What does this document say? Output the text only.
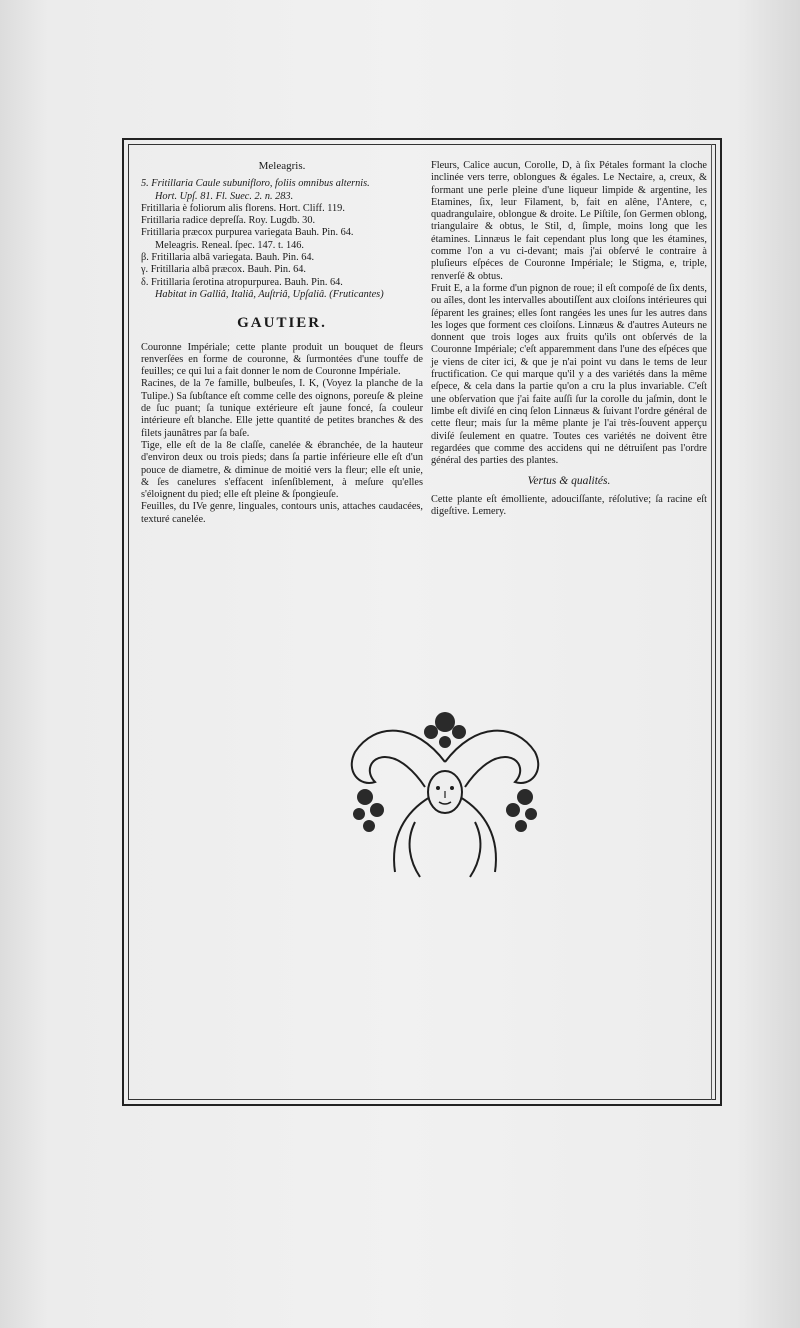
Meleagris.

5. Fritillaria Caule subunifloro, foliis omnibus alternis.

Hort. Upſ. 81. Fl. Suec. 2. n. 283.

Fritillaria è foliorum alis florens. Hort. Cliff. 119.

Fritillaria radice depreſſa. Roy. Lugdb. 30.

Fritillaria præcox purpurea variegata Bauh. Pin. 64.

Meleagris. Reneal. ſpec. 147. t. 146.

β. Fritillaria albâ variegata. Bauh. Pin. 64.

γ. Fritillaria albâ præcox. Bauh. Pin. 64.

δ. Fritillaria ſerotina atropurpurea. Bauh. Pin. 64.

Habitat in Galliâ, Italiâ, Auſtriâ, Upſaliâ. (Fruticantes)

GAUTIER.

Couronne Impériale; cette plante produit un bouquet de fleurs renverſées en forme de couronne, & ſurmontées d'une touffe de feuilles; ce qui lui a fait donner le nom de Couronne Impériale.

Racines, de la 7e famille, bulbeuſes, I. K, (Voyez la planche de la Tulipe.) Sa ſubſtance eſt comme celle des oignons, poreuſe & pleine de ſuc puant; ſa tunique extérieure eſt jaune foncé, ſa couleur intérieure eſt blanche. Elle jette quantité de petites branches & des filets jaunâtres par ſa baſe.

Tige, elle eſt de la 8e claſſe, canelée & ébranchée, de la hauteur d'environ deux ou trois pieds; dans ſa partie inférieure elle eſt d'un pouce de diametre, & diminue de moitié vers la fleur; elle eſt unie, & ſes canelures s'effacent inſenſiblement, à meſure qu'elles s'éloignent du pied; elle eſt pleine & ſpongieuſe.

Feuilles, du IVe genre, linguales, contours unis, attaches caudacées, texturé canelée.

Fleurs, Calice aucun, Corolle, D, à ſix Pétales formant la cloche inclinée vers terre, oblongues & égales. Le Nectaire, a, creux, & formant une perle pleine d'une liqueur limpide & argentine, les Etamines, ſix, leur Filament, b, fait en alêne, l'Antere, c, quadrangulaire, oblongue & droite. Le Piſtile, ſon Germen oblong, triangulaire & obtus, le Stil, d, ſimple, moins long que les étamines. Linnæus le fait cependant plus long que les étamines, comme l'on a vu ci-devant; mais j'ai obſervé le contraire à pluſieurs eſpéces de Couronne Impériale; le Stigma, e, triple, renverſé & obtus.

Fruit E, a la forme d'un pignon de roue; il eſt compoſé de ſix dents, ou aîles, dont les intervalles aboutiſſent aux cloiſons intérieures qui ſéparent les graines; elles ſont rangées les unes ſur les autres dans les loges que forment ces cloiſons. Linnæus & d'autres Auteurs ne donnent que trois loges aux fruits qu'ils ont obſervés de la Couronne Impériale; c'eſt apparemment dans l'une des eſpéces que je viens de citer ici, & que je n'ai point vu dans le tems de leur fructification. Ce qui marque qu'il y a des variétés dans la même eſpece, & cela dans la partie qu'on a cru la plus invariable. C'eſt une obſervation que j'ai faite auſſi ſur la corolle du jaſmin, dont le limbe eſt diviſé en cinq ſelon Linnæus & ſuivant l'ordre général de cette fleur; mais ſur la même plante je l'ai très-ſouvent apperçu diviſé ſeulement en quatre. Toutes ces variétés ne doivent être regardées que comme des accidens qui ne détruiſent pas l'ordre général des parties des plantes.

Vertus & qualités.

Cette plante eſt émolliente, adouciſſante, réſolutive; ſa racine eſt digeſtive. Lemery.
